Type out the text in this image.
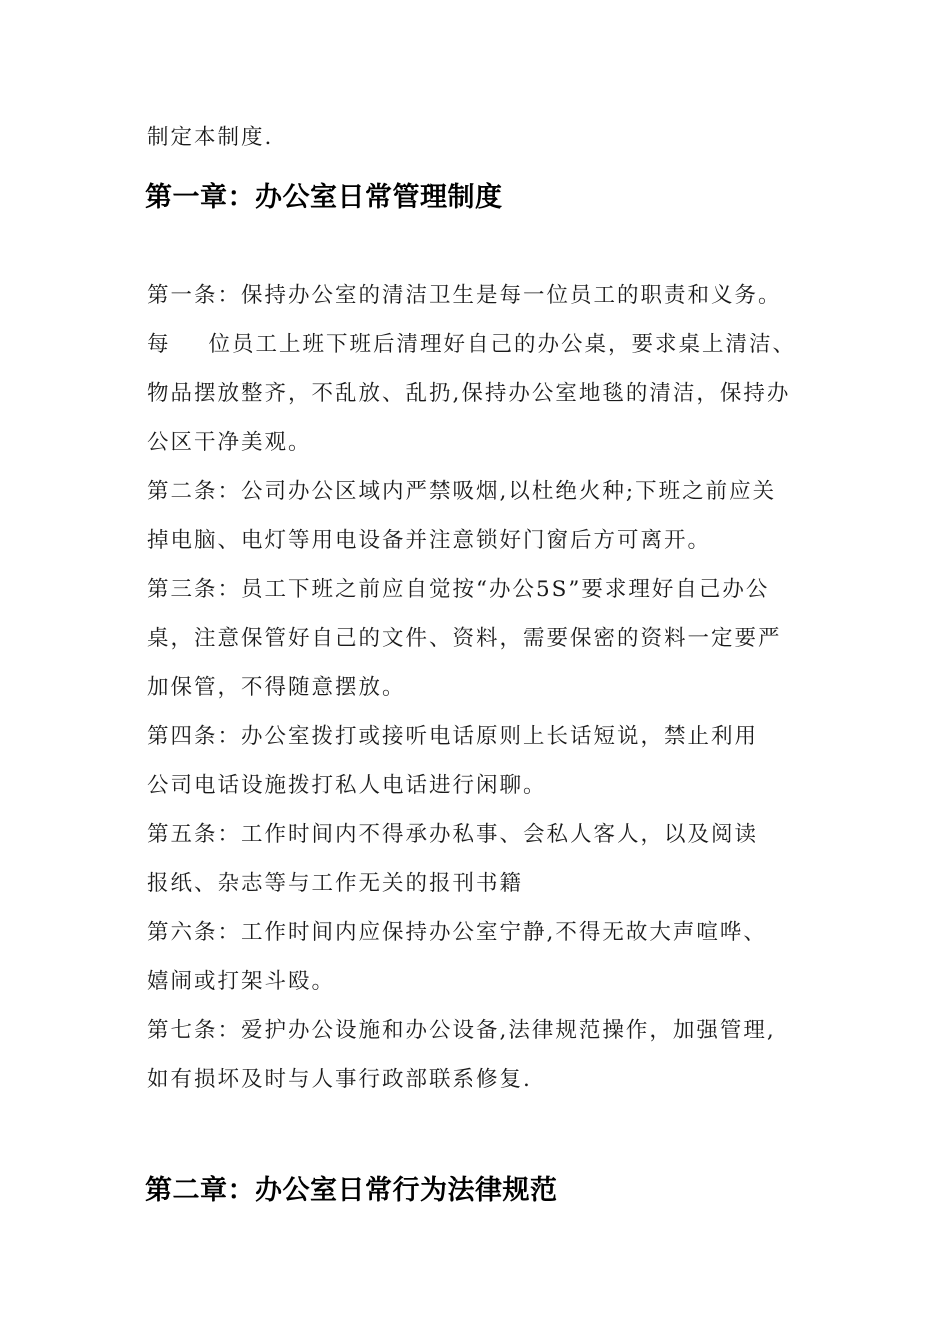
制定本制度.
第一章：办公室日常管理制度
第一条：保持办公室的清洁卫生是每一位员工的职责和义务。
每 位员工上班下班后清理好自己的办公桌，要求桌上清洁、
物品摆放整齐，不乱放、乱扔,保持办公室地毯的清洁，保持办
公区干净美观。
第二条：公司办公区域内严禁吸烟,以杜绝火种;下班之前应关
掉电脑、电灯等用电设备并注意锁好门窗后方可离开。
第三条：员工下班之前应自觉按“办公5S”要求理好自己办公
桌，注意保管好自己的文件、资料，需要保密的资料一定要严
加保管，不得随意摆放。
第四条：办公室拨打或接听电话原则上长话短说，禁止利用
公司电话设施拨打私人电话进行闲聊。
第五条：工作时间内不得承办私事、会私人客人，以及阅读
报纸、杂志等与工作无关的报刊书籍
第六条：工作时间内应保持办公室宁静,不得无故大声喧哗、
嬉闹或打架斗殴。
第七条：爱护办公设施和办公设备,法律规范操作，加强管理,
如有损坏及时与人事行政部联系修复.
第二章：办公室日常行为法律规范
